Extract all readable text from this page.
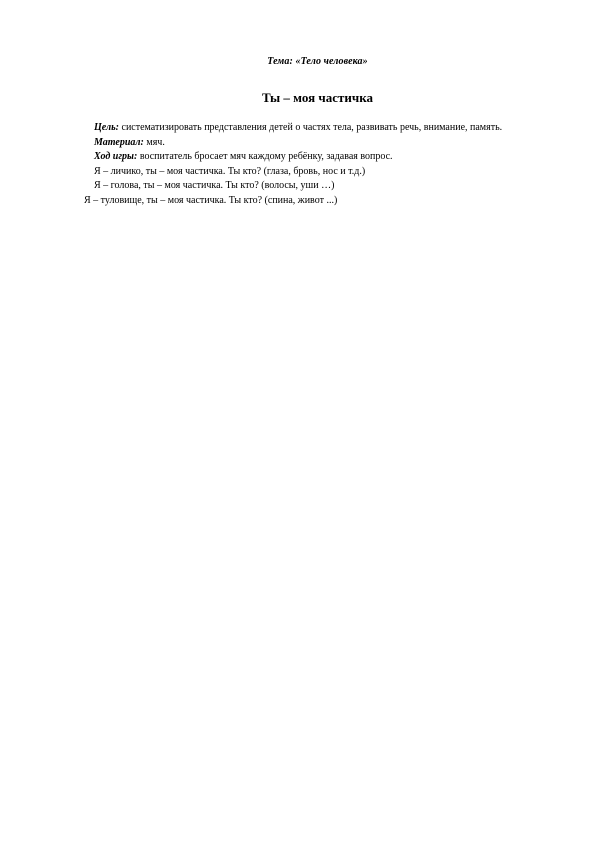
Тема: «Тело человека»
Ты – моя частичка

Цель: систематизировать представления детей о частях тела, развивать речь, внимание, память.

Материал: мяч.

Ход игры: воспитатель бросает мяч каждому ребёнку, задавая вопрос.

Я – личико, ты – моя частичка. Ты кто? (глаза, бровь, нос и т.д.)

Я – голова, ты – моя частичка. Ты кто? (волосы, уши …)

Я – туловище, ты – моя частичка. Ты кто? (спина, живот ...)
